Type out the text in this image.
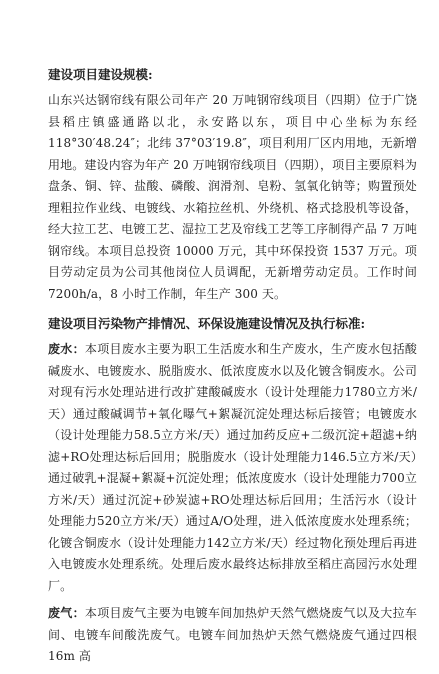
建设项目建设规模:

山东兴达钢帘线有限公司年产 20 万吨钢帘线项目（四期）位于广饶县稻庄镇盛通路以北，永安路以东，项目中心坐标为东经 118°30′48.24″；北纬 37°03′19.8″，项目利用厂区内用地，无新增用地。建设内容为年产 20 万吨钢帘线项目（四期），项目主要原料为盘条、铜、锌、盐酸、磷酸、润滑剂、皂粉、氢氧化钠等；购置预处理粗拉作业线、电镀线、水箱拉丝机、外绕机、格式捻股机等设备，经大拉工艺、电镀工艺、湿拉工艺及帘线工艺等工序制得产品 7 万吨钢帘线。本项目总投资 10000 万元，其中环保投资 1537 万元。项目劳动定员为公司其他岗位人员调配，无新增劳动定员。工作时间 7200h/a，8 小时工作制，年生产 300 天。

建设项目污染物产排情况、环保设施建设情况及执行标准:

废水：本项目废水主要为职工生活废水和生产废水，生产废水包括酸碱废水、电镀废水、脱脂废水、低浓度废水以及化镀含铜废水。公司对现有污水处理站进行改扩建酸碱废水（设计处理能力1780立方米/天）通过酸碱调节+氧化曝气+絮凝沉淀处理达标后接管；电镀废水（设计处理能力58.5立方米/天）通过加药反应+二级沉淀+超滤+纳滤+RO处理达标后回用；脱脂废水（设计处理能力146.5立方米/天）通过破乳+混凝+絮凝+沉淀处理；低浓度废水（设计处理能力700立方米/天）通过沉淀+砂炭滤+RO处理达标后回用；生活污水（设计处理能力520立方米/天）通过A/O处理，进入低浓度废水处理系统；化镀含铜废水（设计处理能力142立方米/天）经过物化预处理后再进入电镀废水处理系统。处理后废水最终达标排放至稻庄高园污水处理厂。

废气：本项目废气主要为电镀车间加热炉天然气燃烧废气以及大拉车间、电镀车间酸洗废气。电镀车间加热炉天然气燃烧废气通过四根 16m 高
